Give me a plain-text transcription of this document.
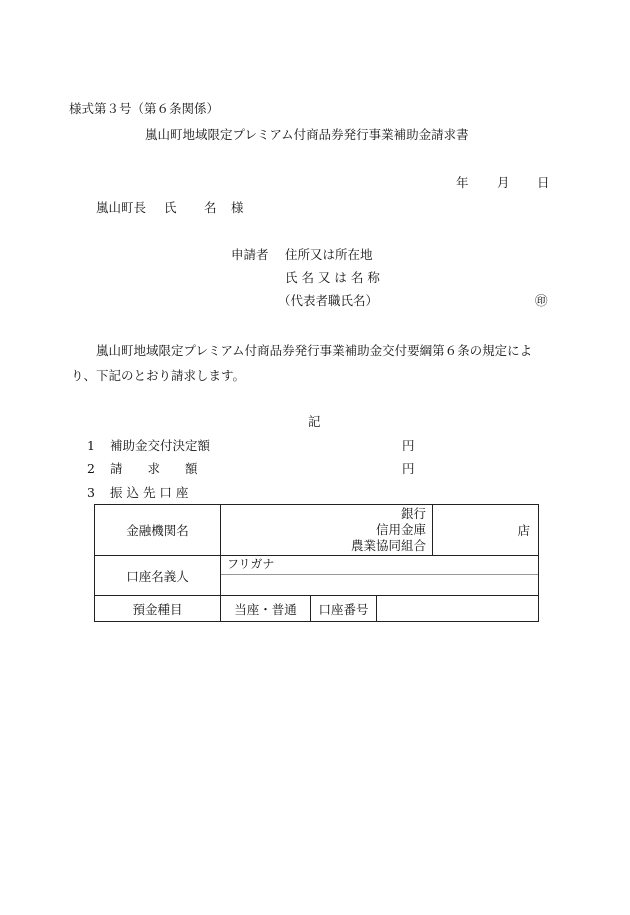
様式第３号（第６条関係）
嵐山町地域限定プレミアム付商品券発行事業補助金請求書
年 月 日
嵐山町長 氏 名 様
申請者 住所又は所在地
氏 名 又 は 名 称
（代表者職氏名）	㊞
嵐山町地域限定プレミアム付商品券発行事業補助金交付要綱第６条の規定によ
り、下記のとおり請求します。
記
1 補助金交付決定額	円
2 請　　求　　額	円
3 振 込 先 口 座
金融機関名	銀行
信用金庫
農業協同組合			店
口座名義人	フリガナ			

預金種目	当座・普通	口座番号		
